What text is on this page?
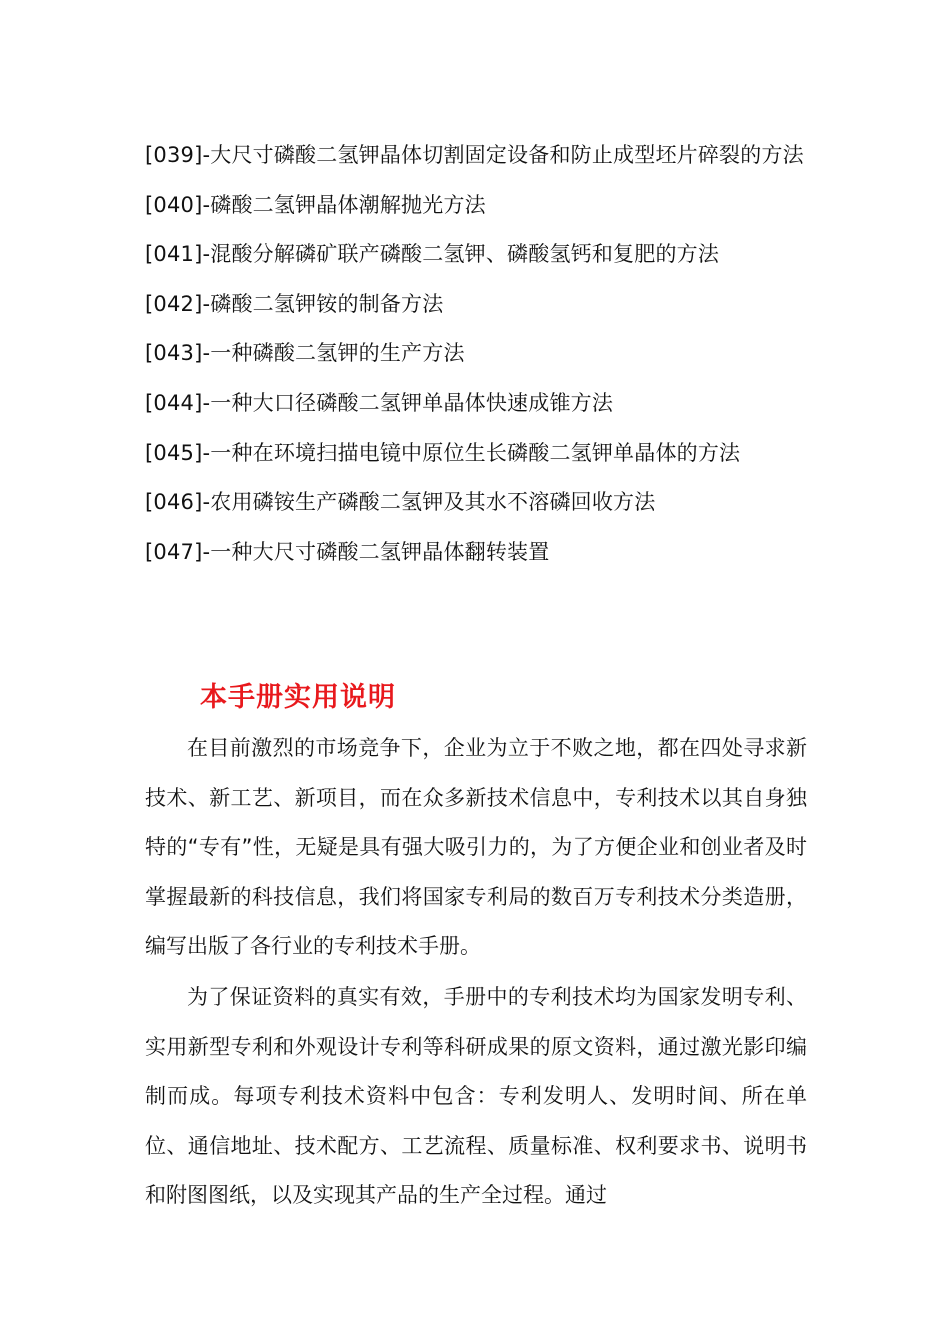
[039]-大尺寸磷酸二氢钾晶体切割固定设备和防止成型坯片碎裂的方法
[040]-磷酸二氢钾晶体潮解抛光方法
[041]-混酸分解磷矿联产磷酸二氢钾、磷酸氢钙和复肥的方法
[042]-磷酸二氢钾铵的制备方法
[043]-一种磷酸二氢钾的生产方法
[044]-一种大口径磷酸二氢钾单晶体快速成锥方法
[045]-一种在环境扫描电镜中原位生长磷酸二氢钾单晶体的方法
[046]-农用磷铵生产磷酸二氢钾及其水不溶磷回收方法
[047]-一种大尺寸磷酸二氢钾晶体翻转装置
本手册实用说明
在目前激烈的市场竞争下，企业为立于不败之地，都在四处寻求新技术、新工艺、新项目，而在众多新技术信息中，专利技术以其自身独特的“专有”性，无疑是具有强大吸引力的，为了方便企业和创业者及时掌握最新的科技信息，我们将国家专利局的数百万专利技术分类造册，编写出版了各行业的专利技术手册。
为了保证资料的真实有效，手册中的专利技术均为国家发明专利、实用新型专利和外观设计专利等科研成果的原文资料，通过激光影印编制而成。每项专利技术资料中包含：专利发明人、发明时间、所在单位、通信地址、技术配方、工艺流程、质量标准、权利要求书、说明书和附图图纸，以及实现其产品的生产全过程。通过
